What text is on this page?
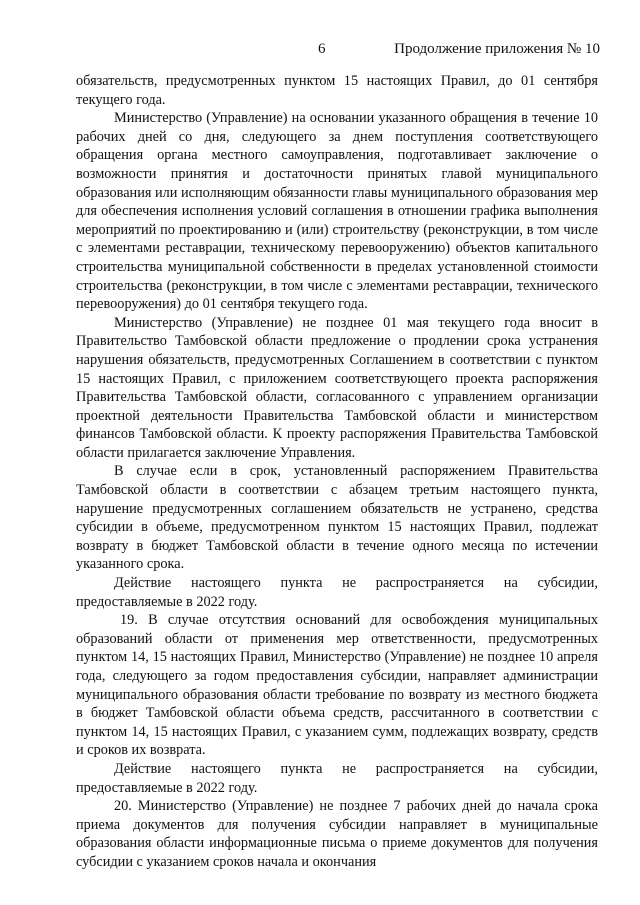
6	Продолжение приложения № 10

обязательств, предусмотренных пунктом 15 настоящих Правил, до 01 сентября текущего года.

Министерство (Управление) на основании указанного обращения в течение 10 рабочих дней со дня, следующего за днем поступления соответствующего обращения органа местного самоуправления, подготавливает заключение о возможности принятия и достаточности принятых главой муниципального образования или исполняющим обязанности главы муниципального образования мер для обеспечения исполнения условий соглашения в отношении графика выполнения мероприятий по проектированию и (или) строительству (реконструкции, в том числе с элементами реставрации, техническому перевооружению) объектов капитального строительства муниципальной собственности в пределах установленной стоимости строительства (реконструкции, в том числе с элементами реставрации, технического перевооружения) до 01 сентября текущего года.

Министерство (Управление) не позднее 01 мая текущего года вносит в Правительство Тамбовской области предложение о продлении срока устранения нарушения обязательств, предусмотренных Соглашением в соответствии с пунктом 15 настоящих Правил, с приложением соответствующего проекта распоряжения Правительства Тамбовской области, согласованного с управлением организации проектной деятельности Правительства Тамбовской области и министерством финансов Тамбовской области. К проекту распоряжения Правительства Тамбовской области прилагается заключение Управления.

В случае если в срок, установленный распоряжением Правительства Тамбовской области в соответствии с абзацем третьим настоящего пункта, нарушение предусмотренных соглашением обязательств не устранено, средства субсидии в объеме, предусмотренном пунктом 15 настоящих Правил, подлежат возврату в бюджет Тамбовской области в течение одного месяца по истечении указанного срока.

Действие настоящего пункта не распространяется на субсидии, предоставляемые в 2022 году.

19. В случае отсутствия оснований для освобождения муниципальных образований области от применения мер ответственности, предусмотренных пунктом 14, 15 настоящих Правил, Министерство (Управление) не позднее 10 апреля года, следующего за годом предоставления субсидии, направляет администрации муниципального образования области требование по возврату из местного бюджета в бюджет Тамбовской области объема средств, рассчитанного в соответствии с пунктом 14, 15 настоящих Правил, с указанием сумм, подлежащих возврату, средств и сроков их возврата.

Действие настоящего пункта не распространяется на субсидии, предоставляемые в 2022 году.

20. Министерство (Управление) не позднее 7 рабочих дней до начала срока приема документов для получения субсидии направляет в муниципальные образования области информационные письма о приеме документов для получения субсидии с указанием сроков начала и окончания
